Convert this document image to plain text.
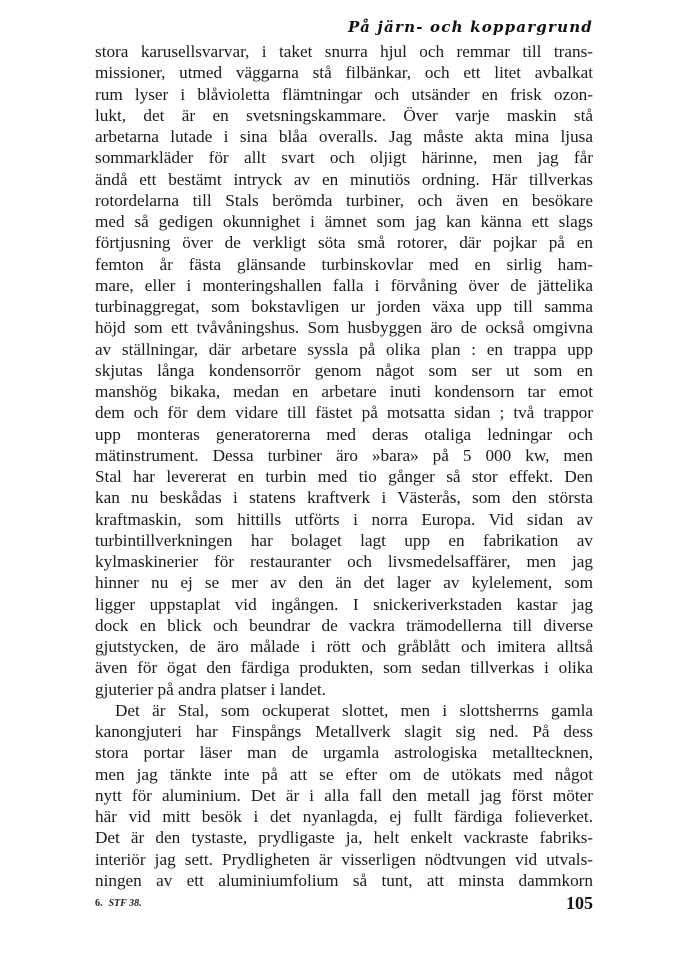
På järn- och koppargrund
stora karusellsvarvar, i taket snurra hjul och remmar till trans-
missioner, utmed väggarna stå filbänkar, och ett litet avbalkat
rum lyser i blåvioletta flämtningar och utsänder en frisk ozon-
lukt, det är en svetsningskammare. Över varje maskin stå
arbetarna lutade i sina blåa overalls. Jag måste akta mina ljusa
sommarkläder för allt svart och oljigt härinne, men jag får
ändå ett bestämt intryck av en minutiös ordning. Här tillverkas
rotordelarna till Stals berömda turbiner, och även en besökare
med så gedigen okunnighet i ämnet som jag kan känna ett slags
förtjusning över de verkligt söta små rotorer, där pojkar på en
femton år fästa glänsande turbinskovlar med en sirlig ham-
mare, eller i monteringshallen falla i förvåning över de jättelika
turbinaggregat, som bokstavligen ur jorden växa upp till samma
höjd som ett tvåvåningshus. Som husbyggen äro de också omgivna
av ställningar, där arbetare syssla på olika plan : en trappa upp
skjutas långa kondensorrör genom något som ser ut som en
manshög bikaka, medan en arbetare inuti kondensorn tar emot
dem och för dem vidare till fästet på motsatta sidan ; två trappor
upp monteras generatorerna med deras otaliga ledningar och
mätinstrument. Dessa turbiner äro »bara» på 5 000 kw, men
Stal har levererat en turbin med tio gånger så stor effekt. Den
kan nu beskådas i statens kraftverk i Västerås, som den största
kraftmaskin, som hittills utförts i norra Europa. Vid sidan av
turbintillverkningen har bolaget lagt upp en fabrikation av
kylmaskinerier för restauranter och livsmedelsaffärer, men jag
hinner nu ej se mer av den än det lager av kylelement, som
ligger uppstaplat vid ingången. I snickeriverkstaden kastar jag
dock en blick och beundrar de vackra trämodellerna till diverse
gjutstycken, de äro målade i rött och gråblått och imitera alltså
även för ögat den färdiga produkten, som sedan tillverkas i olika
gjuterier på andra platser i landet.
Det är Stal, som ockuperat slottet, men i slottsherrns gamla
kanongjuteri har Finspångs Metallverk slagit sig ned. På dess
stora portar läser man de urgamla astrologiska metalltecknen,
men jag tänkte inte på att se efter om de utökats med något
nytt för aluminium. Det är i alla fall den metall jag först möter
här vid mitt besök i det nyanlagda, ej fullt färdiga folieverket.
Det är den tystaste, prydligaste ja, helt enkelt vackraste fabriks-
interiör jag sett. Prydligheten är visserligen nödtvungen vid utvals-
ningen av ett aluminiumfolium så tunt, att minsta dammkorn
6. STF 38.	105
